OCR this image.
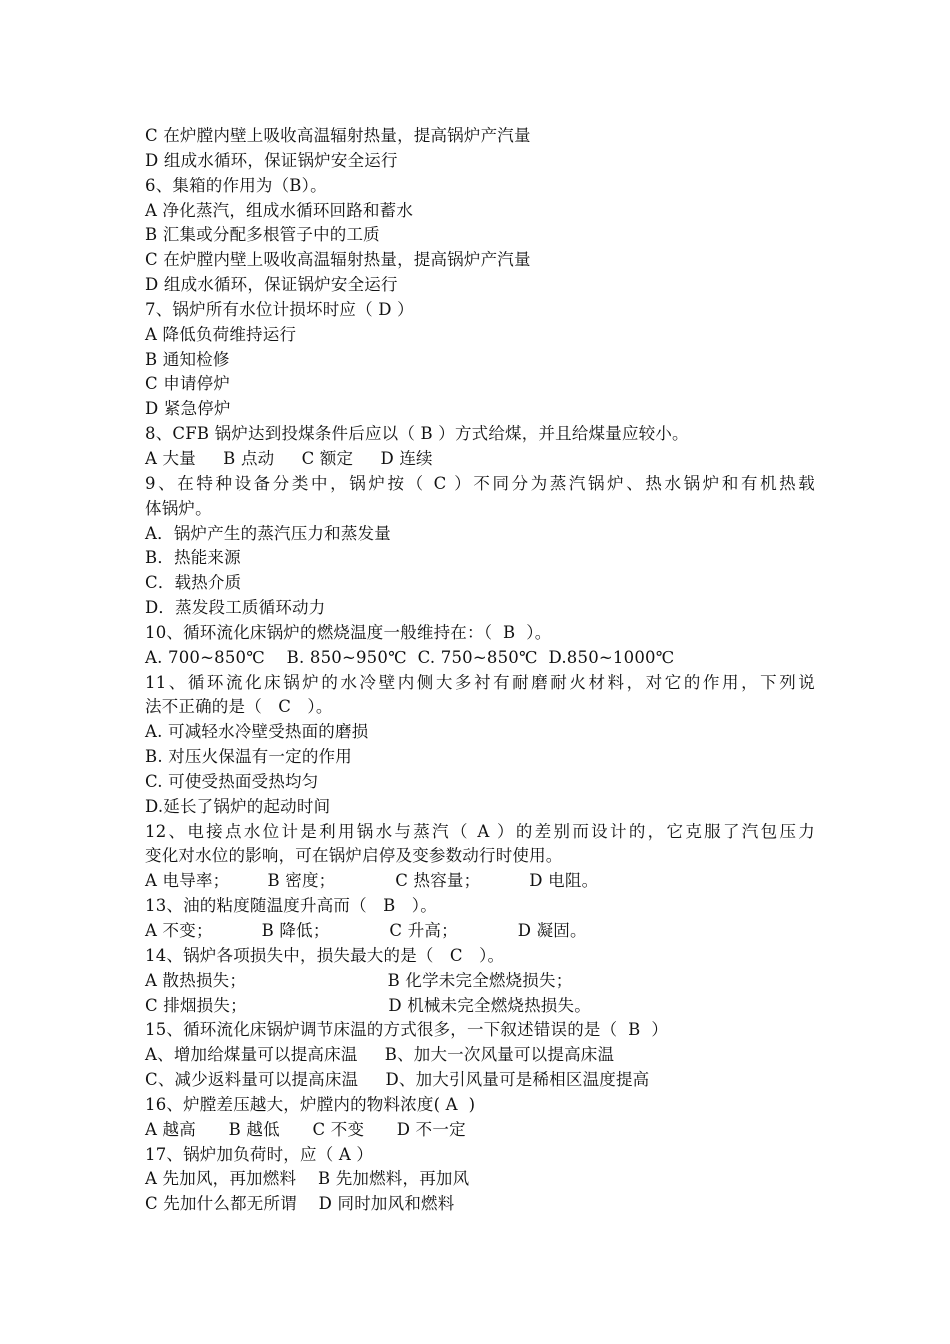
C 在炉膛内壁上吸收高温辐射热量，提高锅炉产汽量
D 组成水循环，保证锅炉安全运行
6、集箱的作用为（B）。
A 净化蒸汽，组成水循环回路和蓄水
B 汇集或分配多根管子中的工质
C 在炉膛内壁上吸收高温辐射热量，提高锅炉产汽量
D 组成水循环，保证锅炉安全运行
7、锅炉所有水位计损坏时应（ D ）
A 降低负荷维持运行
B 通知检修
C 申请停炉
D 紧急停炉
8、CFB 锅炉达到投煤条件后应以（ B ）方式给煤，并且给煤量应较小。
A 大量     B 点动     C 额定     D 连续
9、在特种设备分类中，锅炉按（ C ）不同分为蒸汽锅炉、热水锅炉和有机热载
体锅炉。
A．锅炉产生的蒸汽压力和蒸发量
B．热能来源
C．载热介质
D．蒸发段工质循环动力
10、循环流化床锅炉的燃烧温度一般维持在：（  B  ）。
A. 700~850℃    B. 850~950℃  C. 750~850℃  D.850~1000℃
11、循环流化床锅炉的水冷壁内侧大多衬有耐磨耐火材料，对它的作用，下列说
法不正确的是（   C   ）。
A. 可减轻水冷壁受热面的磨损
B. 对压火保温有一定的作用
C. 可使受热面受热均匀
D.延长了锅炉的起动时间
12、电接点水位计是利用锅水与蒸汽（ A ）的差别而设计的，它克服了汽包压力
变化对水位的影响，可在锅炉启停及变参数动行时使用。
A 电导率；       B 密度；           C 热容量；         D 电阻。
13、油的粘度随温度升高而（   B   ）。
A 不变；         B 降低；           C 升高；           D 凝固。
14、锅炉各项损失中，损失最大的是（   C   ）。
A 散热损失；                          B 化学未完全燃烧损失；
C 排烟损失；                          D 机械未完全燃烧热损失。
15、循环流化床锅炉调节床温的方式很多，一下叙述错误的是（  B  ）
A、增加给煤量可以提高床温     B、加大一次风量可以提高床温
C、减少返料量可以提高床温     D、加大引风量可是稀相区温度提高
16、炉膛差压越大，炉膛内的物料浓度( A  )
A 越高      B 越低      C 不变      D 不一定
17、锅炉加负荷时，应（ A ）
A 先加风，再加燃料    B 先加燃料，再加风
C 先加什么都无所谓    D 同时加风和燃料
